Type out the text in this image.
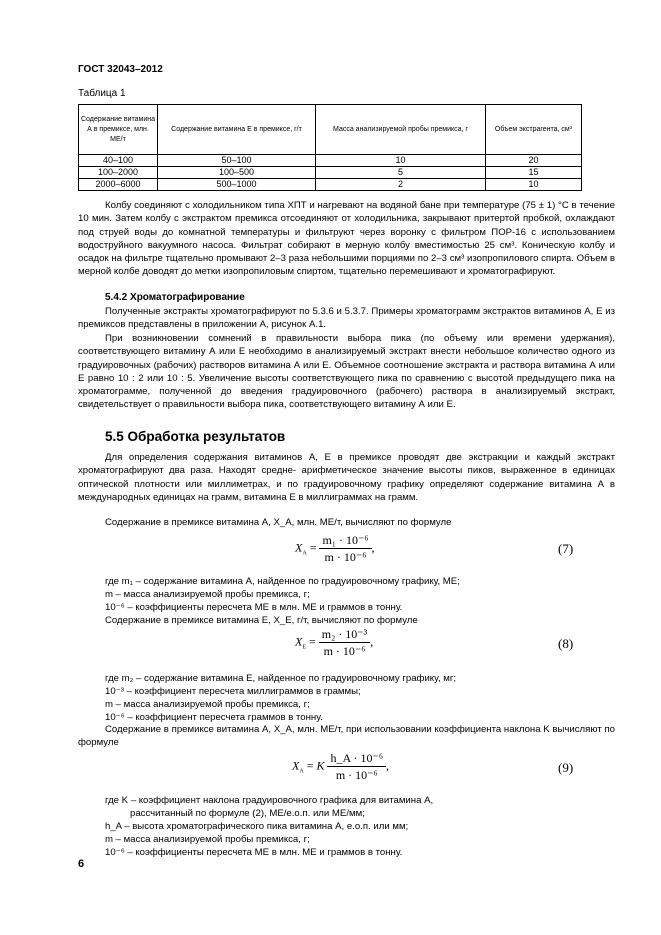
ГОСТ 32043–2012
Таблица 1
Содержание витамина А в премиксе, млн. МЕ/т	Содержание витамина Е в премиксе, г/т	Масса анализируемой пробы премикса, г	Объем экстрагента, см³
40–100	50–100	10	20
100–2000	100–500	5	15
2000–6000	500–1000	2	10
Колбу соединяют с холодильником типа ХПТ и нагревают на водяной бане при температуре (75 ± 1) °С в течение 10 мин. Затем колбу с экстрактом премикса отсоединяют от холодильника, закрывают притертой пробкой, охлаждают под струей воды до комнатной температуры и фильтруют через воронку с фильтром ПОР-16 с использованием водоструйного вакуумного насоса. Фильтрат собирают в мерную колбу вместимостью 25 см³. Коническую колбу и осадок на фильтре тщательно промывают 2–3 раза небольшими порциями по 2–3 см³ изопропилового спирта. Объем в мерной колбе доводят до метки изопропиловым спиртом, тщательно перемешивают и хроматографируют.
5.4.2 Хроматографирование
Полученные экстракты хроматографируют по 5.3.6 и 5.3.7. Примеры хроматограмм экстрактов витаминов А, Е из премиксов представлены в приложении А, рисунок А.1.
При возникновении сомнений в правильности выбора пика (по объему или времени удержания), соответствующего витамину А или Е необходимо в анализируемый экстракт внести небольшое количество одного из градуировочных (рабочих) растворов витамина А или Е. Объемное соотношение экстракта и раствора витамина А или Е равно 10 : 2 или 10 : 5. Увеличение высоты соответствующего пика по сравнению с высотой предыдущего пика на хроматограмме, полученной до введения градуировочного (рабочего) раствора в анализируемый экстракт, свидетельствует о правильности выбора пика, соответствующего витамину А или Е.
5.5 Обработка результатов
Для определения содержания витаминов А, Е в премиксе проводят две экстракции и каждый экстракт хроматографируют два раза. Находят средне- арифметическое значение высоты пиков, выраженное в единицах оптической плотности или миллиметрах, и по градуировочному графику определяют содержание витамина А в международных единицах на грамм, витамина Е в миллиграммах на грамм.
Содержание в премиксе витамина А, X_A, млн. МЕ/т, вычисляют по формуле
$X_A = \frac{\text{m₁ · 10⁻⁶}}{\text{m · 10⁻⁶}}$ ,	(7)
где m₁ – содержание витамина А, найденное по градуировочному графику, МЕ;
m – масса анализируемой пробы премикса, г;
10⁻⁶ – коэффициенты пересчета МЕ в млн. МЕ и граммов в тонну.
Содержание в премиксе витамина Е, X_E, г/т, вычисляют по формуле
$X_E = \frac{\text{m₂ · 10⁻³}}{\text{m · 10⁻⁶}}$ ,	(8)
где m₂ – содержание витамина Е, найденное по градуировочному графику, мг;
10⁻³ – коэффициент пересчета миллиграммов в граммы;
m – масса анализируемой пробы премикса, г;
10⁻⁶ – коэффициент пересчета граммов в тонну.
Содержание в премиксе витамина А, X_A, млн. МЕ/т, при использовании коэффициента наклона K вычисляют по формуле
$X_A = K \frac{\text{h\_A · 10⁻⁶}}{\text{m · 10⁻⁶}}$ ,	(9)
где K – коэффициент наклона градуировочного графика для витамина А,
рассчитанный по формуле (2), МЕ/е.о.п. или МЕ/мм;
h_A – высота хроматографического пика витамина А, е.о.п. или мм;
m – масса анализируемой пробы премикса, г;
10⁻⁶ – коэффициенты пересчета МЕ в млн. МЕ и граммов в тонну.
6
